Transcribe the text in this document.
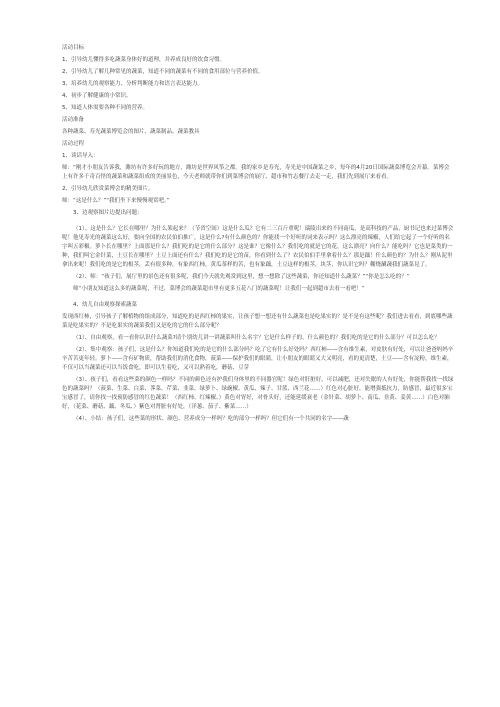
活动目标

1、引导幼儿懂得多吃蔬菜身体好的道理，并养成良好的饮食习惯。

2、引导幼儿了解几种常见的蔬菜，知道不同的蔬菜有不同的食用部位与营养价值。

3、培养幼儿的观察能力、分析判断能力和语言表达能力。

4、初步了解健康的小常识。

5、知道人体需要各种不同的营养。

活动准备

各种蔬菜、寿光蔬菜博览会的图片、蔬菜制品、蔬菜教具

活动过程

1、谈话导入：

师：“刚才小朋友告诉我，潍坊有许多好玩的地方，潍坊是世界风筝之都。我的家乡是寿光，寿光是中国蔬菜之乡，每年的4月20日国际蔬菜博览会开幕。菜博会上有许多千奇百怪的蔬菜和蔬菜组成的美丽景色，今天老师就带你们到菜博会的展厅、超市和竹志餐厅去走一走，我们先到展厅来看看。

2、引导幼儿欣赏菜博会的精美图片。

师：“这是什么？”“我们坐下来慢慢观赏吧。”

3、边观察图片边提出问题：

（1）、这是什么？它长在哪里？为什么架起来？（节省空间）这是什么瓜？它有二三百斤重呢！瑞陵出来的不同南瓜，是高科技的产品，厨书记也来过菜博会呢！他见寿光的蔬菜这么好，要向全国的农民伯伯推广，这是什么?有什么颜色的？你能找一个好听的词来表示吗？这么漂亮的辣椒，人们给它起了一个好听的名字叫五彩椒。萝卜长在哪里？上面那是什么？我们吃的是它的什么部分？这是谁？它像什么？我们吃的就是它的花，这么漂亮？向什么？能吃吗？它也是菜类的一种，我们叫它金针菜，土豆长在哪里？土豆上面还有什么？我们吃的是它的苗，你看到什么了？农民伯伯手里拿着什么？那是藕！什么颜色的？为什么？刚从泥里拿出来呢！我们吃的是它的根茎，丢有很多种，有象西红柿，黄瓜茶样的苦，也有象藕，土豆这样的根茎，块茎，你认识它吗？糊烧涮蔬我们蔬菜見了。

（2）、师：“孩子们，展厅里的景色还有很多呢，我们今天就先观赏到这里，想一想除了这些蔬菜，你还知道什么蔬菜？”“你是怎么吃的？”

师“小朋友知道这么多的蔬菜呢，不过，菜博会的蔬菜超市里有更多五花八门的蔬菜呢！让我们一起到超市去看一看吧！”

4、幼儿自由观察探索蔬菜

发现西红柿，引导孩子了解植物的组成部分，知道吃的是西红柿的果实，让孩子想一想还有什么蔬菜也是吃果实的？是不是有这些呢？我们进去看看，到底哪些蔬菜是吃果实的？不是吃果实的蔬菜我们又是吃的它的什么部分呢？

（1）、自由观察，看一看你认识什么蔬菜?请个别幼儿讲一讲蔬菜叫什么名字？它是什么样子的，什么颜色的？我们吃的是它的什么部分？可以怎么吃？

（2）、集中观察：孩子们，这是什么？你知道我们吃的是它的什么部分吗？吃了它有什么好处吗？西红柿——含有维生素，对皮肤有好处，可以让爸爸妈妈辛辛苦苦更年轻。萝卜——含有矿物质，帮助我们的消化食物，菠菜——保护我们的眼睛，让小朋友的眼睛又大又明亮，看的更清楚，土豆——含有淀粉，维生素，不仅可以当蔬菜还可以当饭食吃，即可以生着吃，又可以熟着吃，蘑菇、豆芽

（3）、孩子们，看看这些菜的颜色一样吗？不同的颜色还有护我们身体里的不同器官呢！绿色对肝脏好，可以减肥，还对失眠的人有好处，你能帮我找一找绿色的蔬菜吗？（菠菜、生菜、白菜、荠菜、芹菜、韭菜、绿萝卜、绿豌椒、黄瓜、辣子、甘蓝、西兰花……）红色对心脏好，能增强抵抗力，防感冒，最近很多宝宝感冒了，请你找一找预防感冒的红色蔬菜！（西红柿、红辣椒、）黄色对胃好，对骨头好，还能延缓衰老（金针菜、胡萝卜、南瓜、韭黄、姜黄……）白色对肺好，（花菜、蘑菇、藕、冬瓜、）紫色对肾脏有好处，（洋葱、茄子、紫菜……）

（4）、小结：孩子们，这些菜的形状、颜色、营养成分一样吗？吃的部分一样吗？但它们有一个共同的名字——蔬
